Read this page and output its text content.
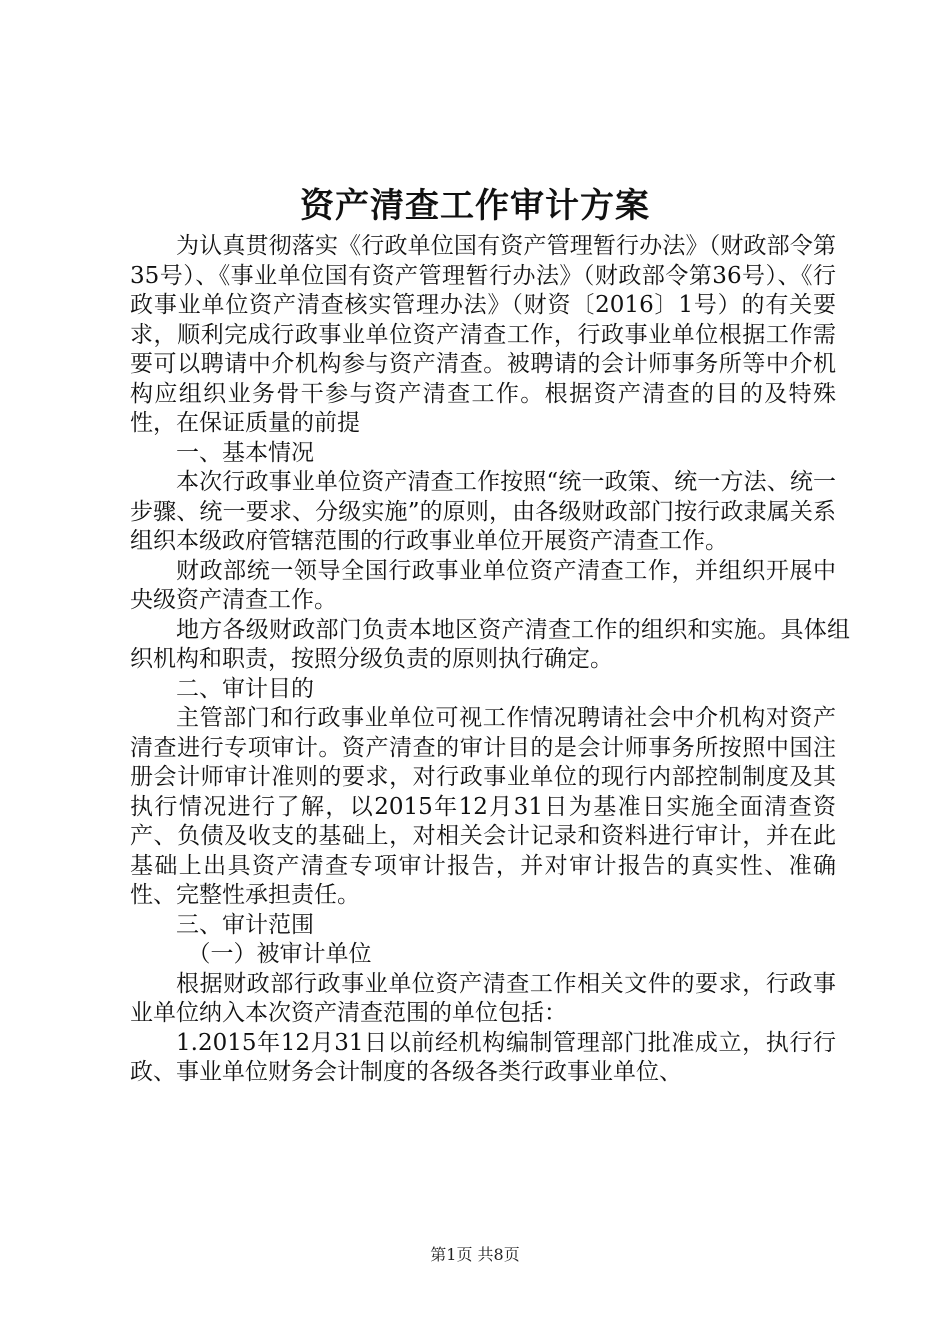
资产清查工作审计方案

为认真贯彻落实《行政单位国有资产管理暂行办法》（财政部令第35号）、《事业单位国有资产管理暂行办法》（财政部令第36号）、《行政事业单位资产清查核实管理办法》（财资〔2016〕1号）的有关要求，顺利完成行政事业单位资产清查工作，行政事业单位根据工作需要可以聘请中介机构参与资产清查。被聘请的会计师事务所等中介机构应组织业务骨干参与资产清查工作。根据资产清查的目的及特殊性，在保证质量的前提

一、基本情况

本次行政事业单位资产清查工作按照“统一政策、统一方法、统一步骤、统一要求、分级实施”的原则，由各级财政部门按行政隶属关系组织本级政府管辖范围的行政事业单位开展资产清查工作。

财政部统一领导全国行政事业单位资产清查工作，并组织开展中央级资产清查工作。

地方各级财政部门负责本地区资产清查工作的组织和实施。具体组织机构和职责，按照分级负责的原则执行确定。

二、审计目的

主管部门和行政事业单位可视工作情况聘请社会中介机构对资产清查进行专项审计。资产清查的审计目的是会计师事务所按照中国注册会计师审计准则的要求，对行政事业单位的现行内部控制制度及其执行情况进行了解，以2015年12月31日为基准日实施全面清查资产、负债及收支的基础上，对相关会计记录和资料进行审计，并在此基础上出具资产清查专项审计报告，并对审计报告的真实性、准确性、完整性承担责任。

三、审计范围

（一）被审计单位

根据财政部行政事业单位资产清查工作相关文件的要求，行政事业单位纳入本次资产清查范围的单位包括：

1.2015年12月31日以前经机构编制管理部门批准成立，执行行政、事业单位财务会计制度的各级各类行政事业单位、

第1页 共8页
